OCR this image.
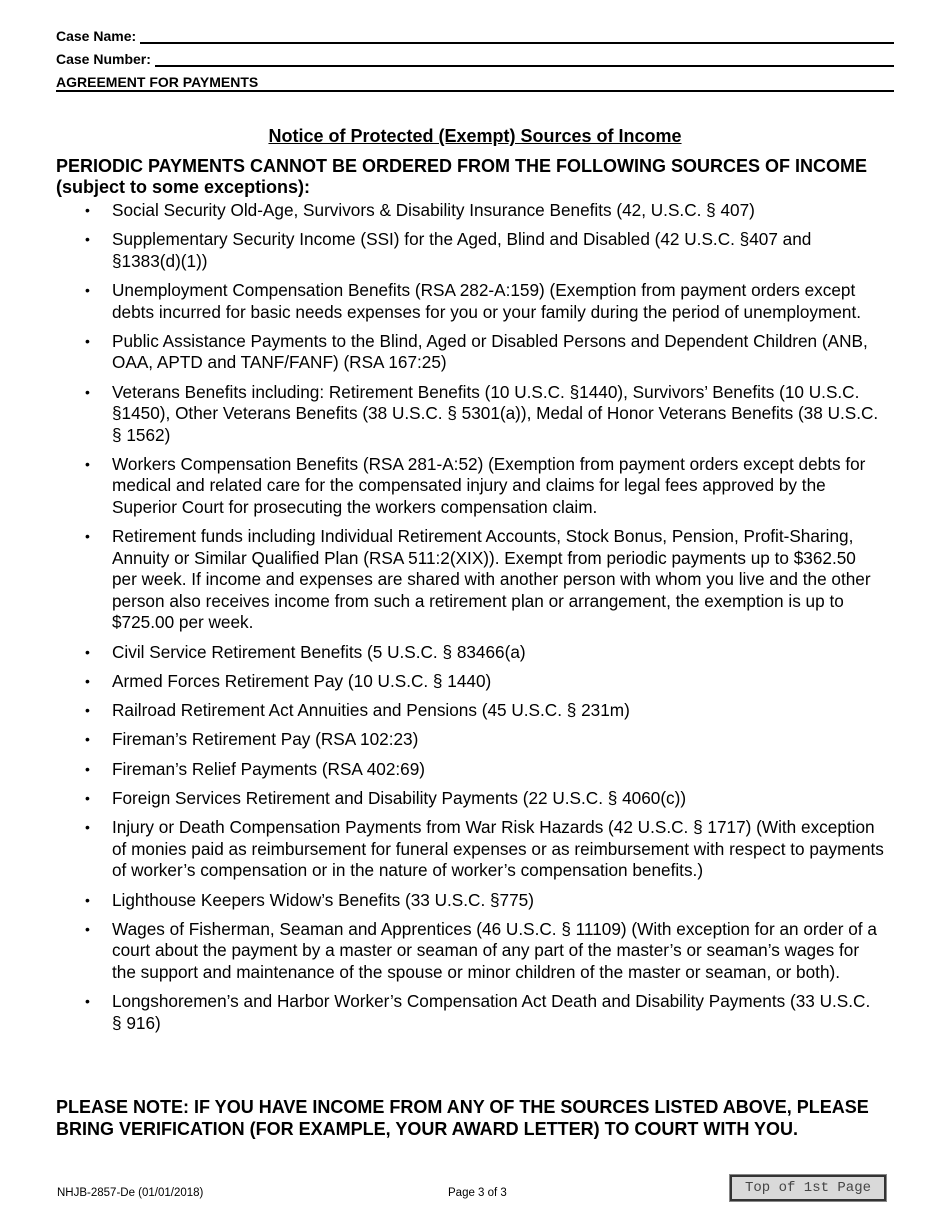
Case Name:
Case Number:
AGREEMENT FOR PAYMENTS
Notice of Protected (Exempt) Sources of Income
PERIODIC PAYMENTS CANNOT BE ORDERED FROM THE FOLLOWING SOURCES OF INCOME (subject to some exceptions):
• Social Security Old-Age, Survivors & Disability Insurance Benefits (42, U.S.C. § 407)
• Supplementary Security Income (SSI) for the Aged, Blind and Disabled (42 U.S.C. §407 and §1383(d)(1))
• Unemployment Compensation Benefits (RSA 282-A:159) (Exemption from payment orders except debts incurred for basic needs expenses for you or your family during the period of unemployment.
• Public Assistance Payments to the Blind, Aged or Disabled Persons and Dependent Children (ANB, OAA, APTD and TANF/FANF) (RSA 167:25)
• Veterans Benefits including: Retirement Benefits (10 U.S.C. §1440), Survivors’ Benefits (10 U.S.C. §1450), Other Veterans Benefits (38 U.S.C. § 5301(a)), Medal of Honor Veterans Benefits (38 U.S.C. § 1562)
• Workers Compensation Benefits (RSA 281-A:52) (Exemption from payment orders except debts for medical and related care for the compensated injury and claims for legal fees approved by the Superior Court for prosecuting the workers compensation claim.
• Retirement funds including Individual Retirement Accounts, Stock Bonus, Pension, Profit-Sharing, Annuity or Similar Qualified Plan (RSA 511:2(XIX)). Exempt from periodic payments up to $362.50 per week. If income and expenses are shared with another person with whom you live and the other person also receives income from such a retirement plan or arrangement, the exemption is up to $725.00 per week.
• Civil Service Retirement Benefits (5 U.S.C. § 83466(a)
• Armed Forces Retirement Pay (10 U.S.C. § 1440)
• Railroad Retirement Act Annuities and Pensions (45 U.S.C. § 231m)
• Fireman’s Retirement Pay (RSA 102:23)
• Fireman’s Relief Payments (RSA 402:69)
• Foreign Services Retirement and Disability Payments (22 U.S.C. § 4060(c))
• Injury or Death Compensation Payments from War Risk Hazards (42 U.S.C. § 1717) (With exception of monies paid as reimbursement for funeral expenses or as reimbursement with respect to payments of worker’s compensation or in the nature of worker’s compensation benefits.)
• Lighthouse Keepers Widow’s Benefits (33 U.S.C. §775)
• Wages of Fisherman, Seaman and Apprentices (46 U.S.C. § 11109) (With exception for an order of a court about the payment by a master or seaman of any part of the master’s or seaman’s wages for the support and maintenance of the spouse or minor children of the master or seaman, or both).
• Longshoremen’s and Harbor Worker’s Compensation Act Death and Disability Payments (33 U.S.C. § 916)
PLEASE NOTE: IF YOU HAVE INCOME FROM ANY OF THE SOURCES LISTED ABOVE, PLEASE BRING VERIFICATION (FOR EXAMPLE, YOUR AWARD LETTER) TO COURT WITH YOU.
NHJB-2857-De (01/01/2018)	Page 3 of 3	Top of 1st Page
